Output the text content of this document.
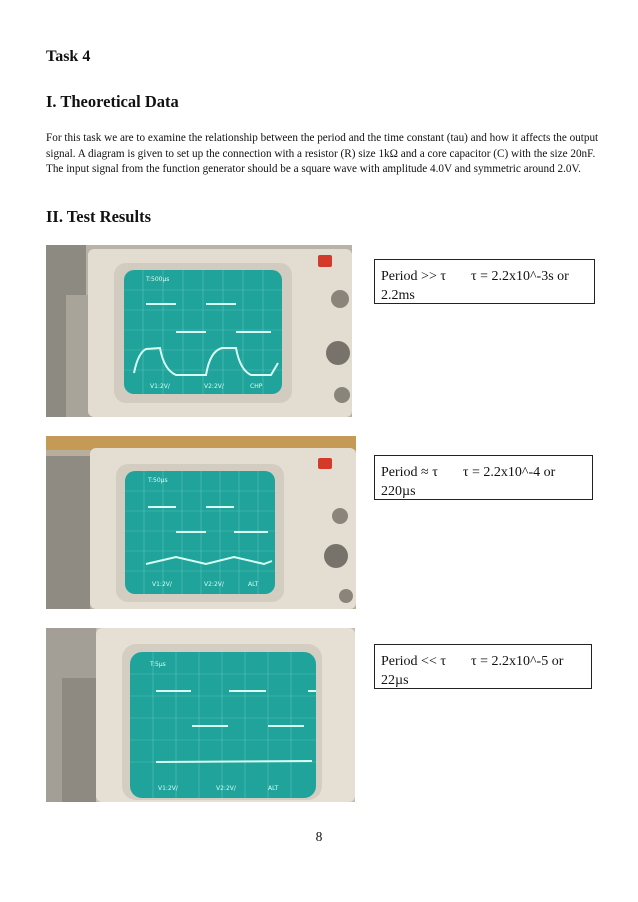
Task 4
I. Theoretical Data
For this task we are to examine the relationship between the period and the time constant (tau) and how it affects the output signal. A diagram is given to set up the connection with a resistor (R) size 1kΩ and a core capacitor (C) with the size 20nF. The input signal from the function generator should be a square wave with amplitude 4.0V and symmetric around 2.0V.
II. Test Results
T:500µs
V1:2V/	V2:2V/	CHP
Period >> τ τ = 2.2x10^-3s or
2.2ms
T:50µs
V1:2V/	V2:2V/	ALT
Period ≈ τ τ = 2.2x10^-4 or
220µs
T:5µs
V1:2V/	V2:2V/	ALT
Period << τ τ = 2.2x10^-5 or
22µs
8
